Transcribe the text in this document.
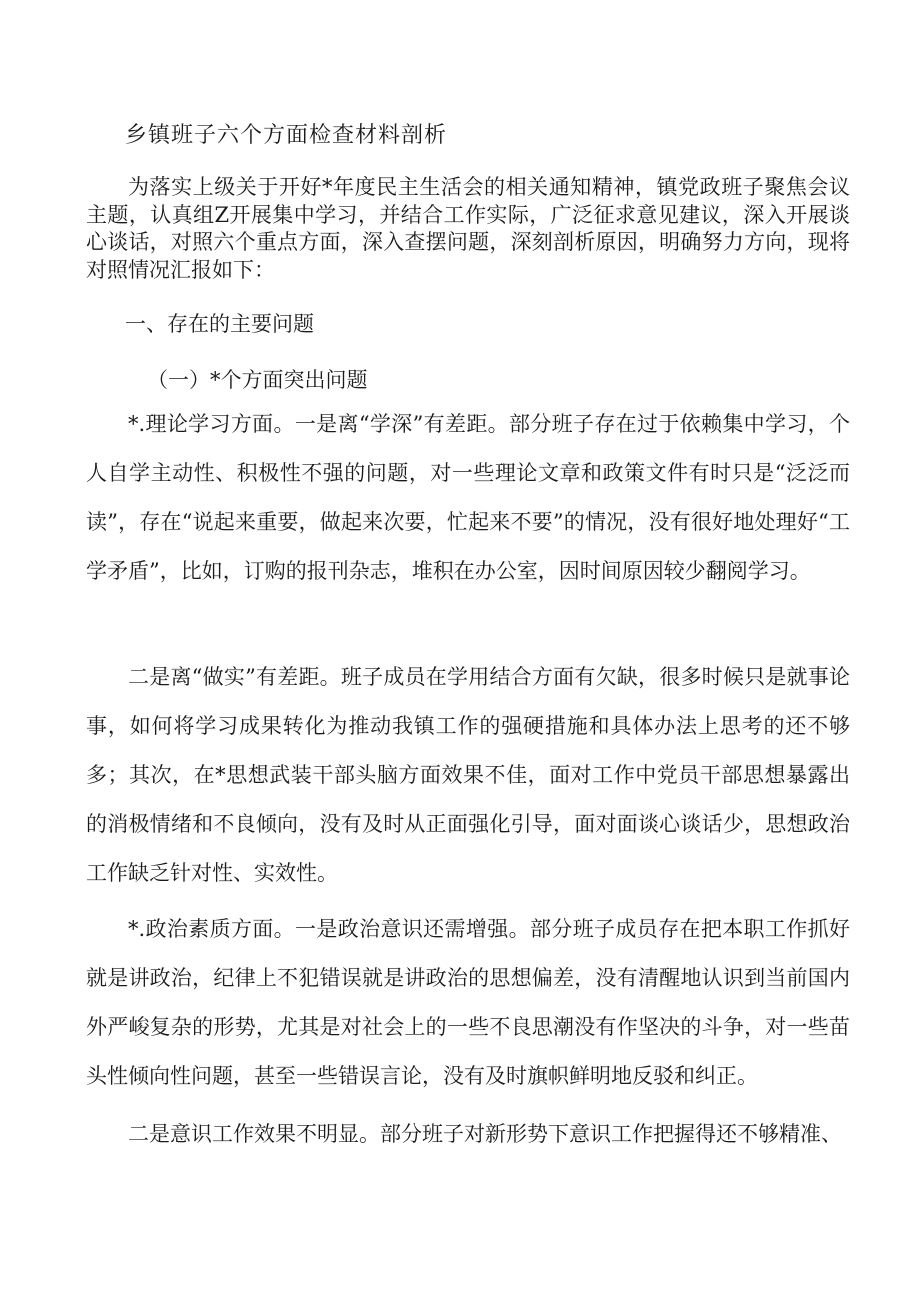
乡镇班子六个方面检查材料剖析

为落实上级关于开好*年度民主生活会的相关通知精神，镇党政班子聚焦会议主题，认真组Z开展集中学习，并结合工作实际，广泛征求意见建议，深入开展谈心谈话，对照六个重点方面，深入查摆问题，深刻剖析原因，明确努力方向，现将对照情况汇报如下：

一、存在的主要问题
（一）*个方面突出问题

*.理论学习方面。一是离“学深”有差距。部分班子存在过于依赖集中学习，个人自学主动性、积极性不强的问题，对一些理论文章和政策文件有时只是“泛泛而读”，存在“说起来重要，做起来次要，忙起来不要”的情况，没有很好地处理好“工学矛盾”，比如，订购的报刊杂志，堆积在办公室，因时间原因较少翻阅学习。

二是离“做实”有差距。班子成员在学用结合方面有欠缺，很多时候只是就事论事，如何将学习成果转化为推动我镇工作的强硬措施和具体办法上思考的还不够多；其次，在*思想武装干部头脑方面效果不佳，面对工作中党员干部思想暴露出的消极情绪和不良倾向，没有及时从正面强化引导，面对面谈心谈话少，思想政治工作缺乏针对性、实效性。

*.政治素质方面。一是政治意识还需增强。部分班子成员存在把本职工作抓好就是讲政治，纪律上不犯错误就是讲政治的思想偏差，没有清醒地认识到当前国内外严峻复杂的形势，尤其是对社会上的一些不良思潮没有作坚决的斗争，对一些苗头性倾向性问题，甚至一些错误言论，没有及时旗帜鲜明地反驳和纠正。

二是意识工作效果不明显。部分班子对新形势下意识工作把握得还不够精准、
